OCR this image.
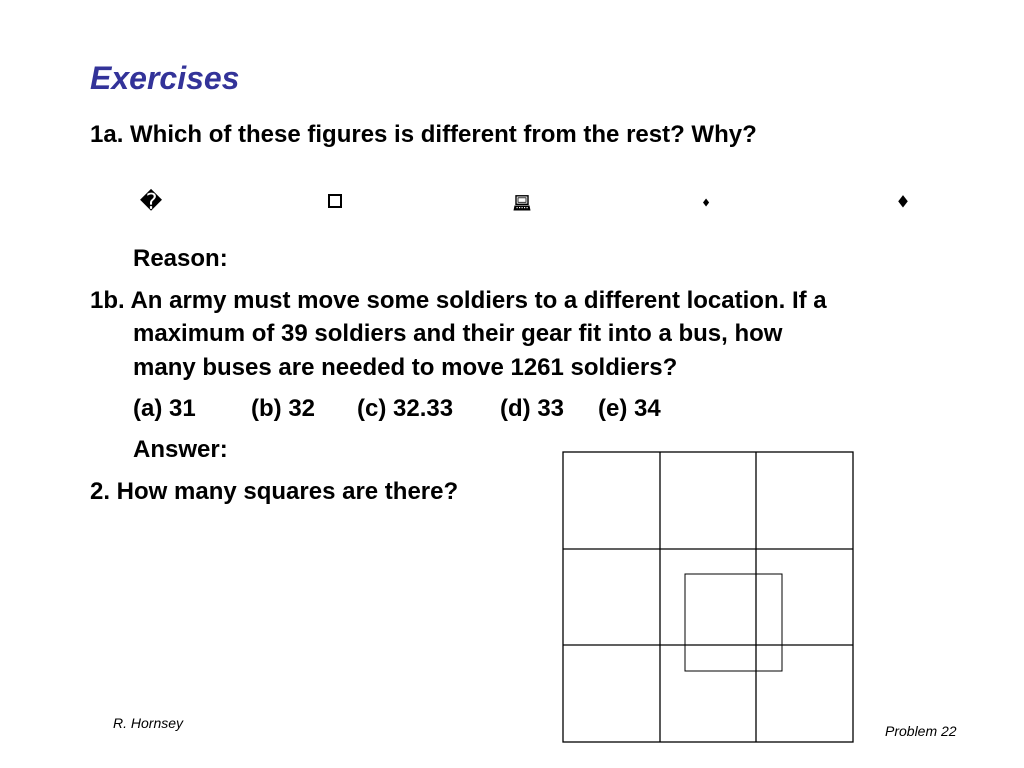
Exercises
1a. Which of these figures is different from the rest? Why?
�	♦	♦
Reason:
1b. An army must move some soldiers to a different location. If a
maximum of 39 soldiers and their gear fit into a bus, how
many buses are needed to move 1261 soldiers?
(a) 31 (b) 32 (c) 32.33 (d) 33 (e) 34
Answer:
2. How many squares are there?
R. Hornsey	Problem 22
